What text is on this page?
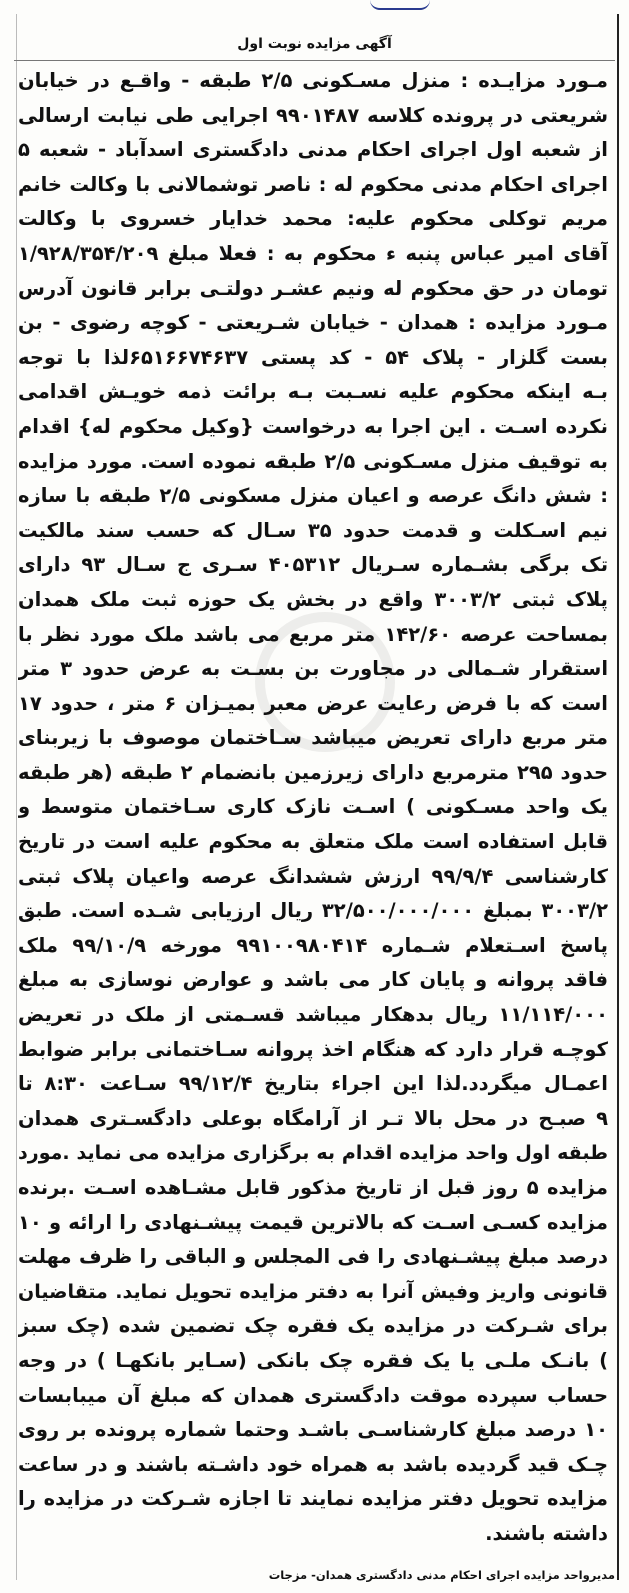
آگهی مزایده نوبت اول
مـورد مزایـده : منزل مسـکونی ۲/۵ طبقه - واقـع در خیابان
شریعتی در پرونده کلاسه ۹۹۰۱۴۸۷ اجرایی طی نیابت ارسالی
از شعبه اول اجرای احکام مدنی دادگستری اسدآباد - شعبه ۵
اجرای احکام مدنی محکوم له : ناصر توشمالانی با وکالت خانم
مریم توکلی محکوم علیه: محمد خدایار خسروی با وکالت
آقای امیر عباس پنبه ء محکوم به : فعلا مبلغ ۱/۹۲۸/۳۵۴/۲۰۹
تومان در حق محکوم له ونیم عشـر دولتـی برابر قانون آدرس
مـورد مزایده : همدان - خیابان شـریعتی - کوچه رضوی - بن
بست گلزار - پلاک ۵۴ - کد پستی ۶۵۱۶۶۷۴۶۳۷لذا با توجه
بـه اینکه محکوم علیه نسـبت بـه برائت ذمه خویـش اقدامی
نکرده اسـت . این اجرا به درخواست {وکیل محکوم له} اقدام
به توقیف منزل مسـکونی ۲/۵ طبقه نموده است. مورد مزایده
: شش دانگ عرصه و اعیان منزل مسکونی ۲/۵ طبقه با سازه
نیم اسـکلت و قدمت حدود ۳۵ سـال که حسب سند مالکیت
تک برگی بشـماره سـریال ۴۰۵۳۱۲ سـری ج سـال ۹۳ دارای
پلاک ثبتی ۳۰۰۳/۲ واقع در بخش یک حوزه ثبت ملک همدان
بمساحت عرصه ۱۴۲/۶۰ متر مربع می باشد ملک مورد نظر با
استقرار شـمالی در مجاورت بن بسـت به عرض حدود ۳ متر
است که با فرض رعایت عرض معبر بمیـزان ۶ متر ، حدود ۱۷
متر مربع دارای تعریض میباشد سـاختمان موصوف با زیربنای
حدود ۲۹۵ مترمربع دارای زیرزمین بانضمام ۲ طبقه (هر طبقه
یک واحد مسـکونی ) اسـت نازک کاری سـاختمان متوسط و
قابل استفاده است ملک متعلق به محکوم علیه است در تاریخ
کارشناسی ۹۹/۹/۴ ارزش ششدانگ عرصه واعیان پلاک ثبتی
۳۰۰۳/۲ بمبلغ ۳۲/۵۰۰/۰۰۰/۰۰۰ ریال ارزیابی شـده است. طبق
پاسخ اسـتعلام شـماره ۹۹۱۰۰۹۸۰۴۱۴ مورخه ۹۹/۱۰/۹ ملک
فاقد پروانه و پایان کار می باشد و عوارض نوسازی به مبلغ
۱۱/۱۱۴/۰۰۰ ریال بدهکار میباشد قسـمتی از ملک در تعریض
کوچـه قرار دارد که هنگام اخذ پروانه سـاختمانی برابر ضوابط
اعمـال میگردد.لذا این اجراء بتاریخ ۹۹/۱۲/۴ سـاعت ۸:۳۰ تا
۹ صبـح در محل بالا تـر از آرامگاه بوعلی دادگسـتری همدان
طبقه اول واحد مزایده اقدام به برگزاری مزایده می نماید .مورد
مزایده ۵ روز قبل از تاریخ مذکور قابل مشـاهده اسـت .برنده
مزایده کسـی اسـت که بالاترین قیمت پیشـنهادی را ارائه و ۱۰
درصد مبلغ پیشـنهادی را فی المجلس و الباقی را ظرف مهلت
قانونی واریز وفیش آنرا به دفتر مزایده تحویل نماید. متقاضیان
برای شـرکت در مزایده یک فقره چک تضمین شده (چک سبز
) بانـک ملـی یا یک فقره چک بانکی (سـایر بانکهـا ) در وجه
حساب سپرده موقت دادگستری همدان که مبلغ آن میبابسات
۱۰ درصد مبلغ کارشناسـی باشـد وحتما شماره پرونده بر روی
چـک قید گردیده باشد به همراه خود داشـته باشند و در ساعت
مزایده تحویل دفتر مزایده نمایند تا اجازه شـرکت در مزایده را
داشته باشند.
مدیرواحد مزایده اجرای احکام مدنی دادگستری همدان- مزجات
